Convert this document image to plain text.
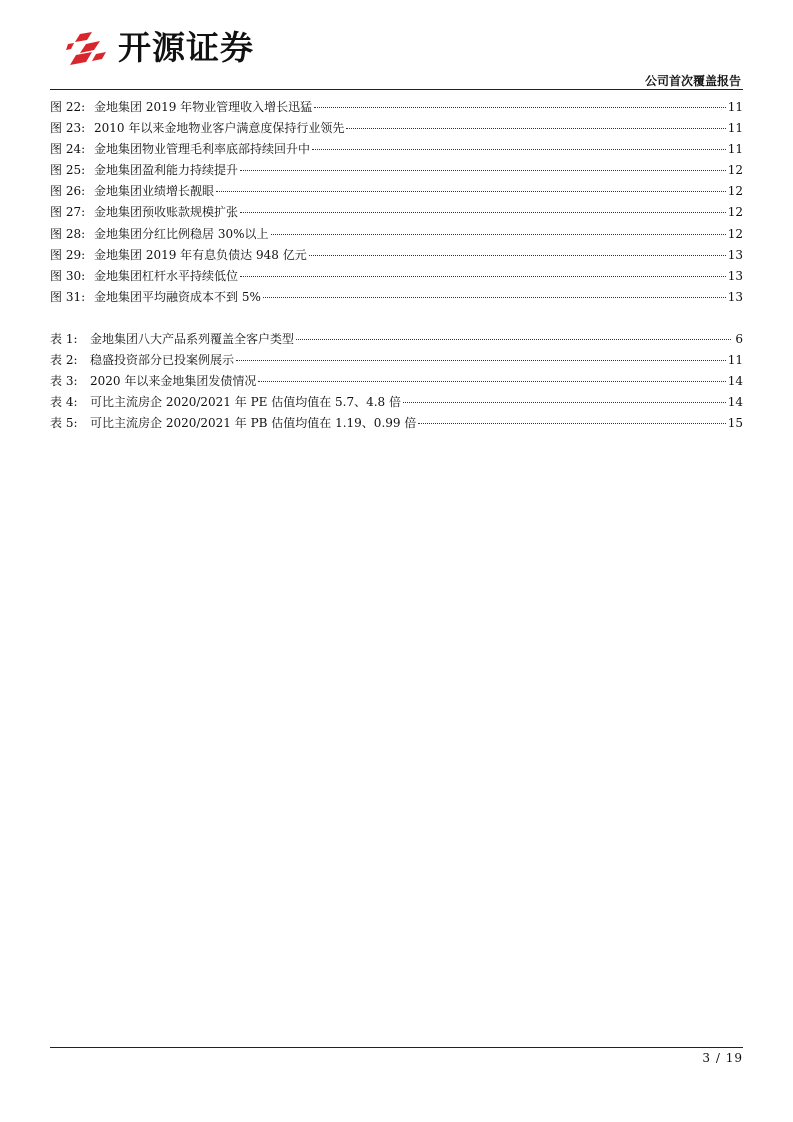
开源证券
公司首次覆盖报告
图 22: 金地集团 2019 年物业管理收入增长迅猛	11
图 23: 2010 年以来金地物业客户满意度保持行业领先	11
图 24: 金地集团物业管理毛利率底部持续回升中	11
图 25: 金地集团盈利能力持续提升	12
图 26: 金地集团业绩增长靓眼	12
图 27: 金地集团预收账款规模扩张	12
图 28: 金地集团分红比例稳居 30%以上	12
图 29: 金地集团 2019 年有息负债达 948 亿元	13
图 30: 金地集团杠杆水平持续低位	13
图 31: 金地集团平均融资成本不到 5%	13
表 1:	金地集团八大产品系列覆盖全客户类型	6
表 2:	稳盛投资部分已投案例展示	11
表 3:	2020 年以来金地集团发债情况	14
表 4:	可比主流房企 2020/2021 年 PE 估值均值在 5.7、4.8 倍	14
表 5:	可比主流房企 2020/2021 年 PB 估值均值在 1.19、0.99 倍	15
3 / 19
